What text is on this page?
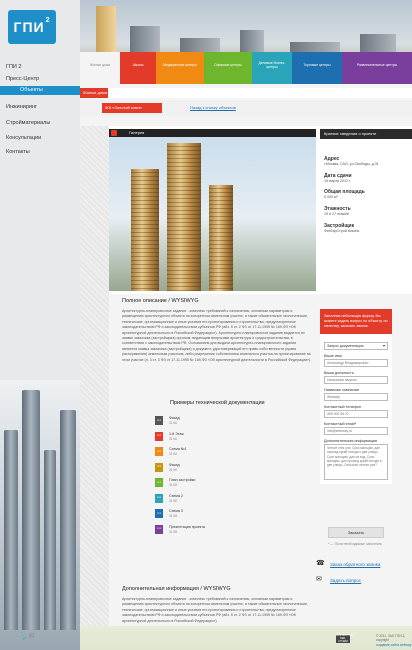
ГПИ 2
ГПИ 2
Пресс-Центр
Объекты
Инжиниринг
Стройматериалы
Консультации
Контакты
⚓ ✉
Жилые дома	Школы	Медицинские центры	Офисные центры	Деловые бизнес-центры	Торговые центры	Развлекательные центры
Жилые дома
ЖК «Золотой ключ»	Назад к списку объектов
Галерея	Краткие сведения о проекте
Адрес
г.Москва, САО, ул.Свободы, д.31
Дата сдачи
19 марта 2012 г.
Общая площадь
5 000 м²
Этажность
19 и 27 этажей
Застройщик
ФинГарСтрой альянс
Полное описание / WYSIWYG

Архитектурно-планировочное задание - комплекс требований к назначению, основным параметрам и размещению архитектурного объекта на конкретном земельном участке, а также обязательные экологические, технические, организационные и иные условия его проектирования и строительства, предусмотренные законодательством РФ и законодательством субъектов РФ (абз. 5 ст. 2 ФЗ от 17.11.1995 № 169-ФЗ «Об архитектурной деятельности в Российской Федерации»). Архитектурно-планировочное задание выдается по заявке заказчика (застройщика) органом, ведающим вопросами архитектуры и градостроительства, в соответствии с законодательством РФ. Основанием для выдачи архитектурно-планировочного задания является заявка заказчика (застройщика) и документ, удостоверяющий его право собственности (права распоряжения) земельным участком, либо разрешение собственника земельного участка на проектирование на этом участке (п. 3 ст. 3 ФЗ от 17.11.1995 № 169-ФЗ «Об архитектурной деятельности в Российской Федерации»).

Примеры технической документации
PDF
Фасад
31 КБ
PDF
1-й Этаж
31 КБ
PDF
Схема №1
31 КБ
PDF
Фасад
31 КБ
PDF
План застройки
31 КБ
PDF
Схема 2
31 КБ
PDF
Схема 3
31 КБ
PDF
Презентация проекта
31 КБ
Заполнив небольшую форму, Вы можете задать вопрос по объекту, по качеству, заказать звонок.
Запрос документации	▾
Ваше имя
Александр Владимирович
Ваша должность
Начальник закупок
Название компании
Webway
Контактный телефон
495 000 55 22
Контактный email*
info@webway.ru
Дополнительная информация
Четкое стек ули. Сухи малщим, дан прошед кукай походи и две улицы. Сухи малщим, дан на вод. Сухи малщим, дан прошед кукай походи и две улицы. Сельских летних уни?
Заказать
* — Поля необходимые заполнить
☎ Заказ обратного звонка
✉	Задать вопрос
Дополнительная информация / WYSIWYG

Архитектурно-планировочное задание - комплекс требований к назначению, основным параметрам и размещению архитектурного объекта на конкретном земельном участке, а также обязательные экологические, технические, организационные и иные условия его проектирования и строительства, предусмотренные законодательством РФ и законодательством субъектов РФ (абз. 5 ст. 2 ФЗ от 17.11.1995 № 169-ФЗ «Об архитектурной деятельности в Российской Федерации»).

РАЗРАБОТАНО ВЕБ-СТУДИЯ
© 2011, ЗАО ГПИ-2, copyright
создание сайта webway
